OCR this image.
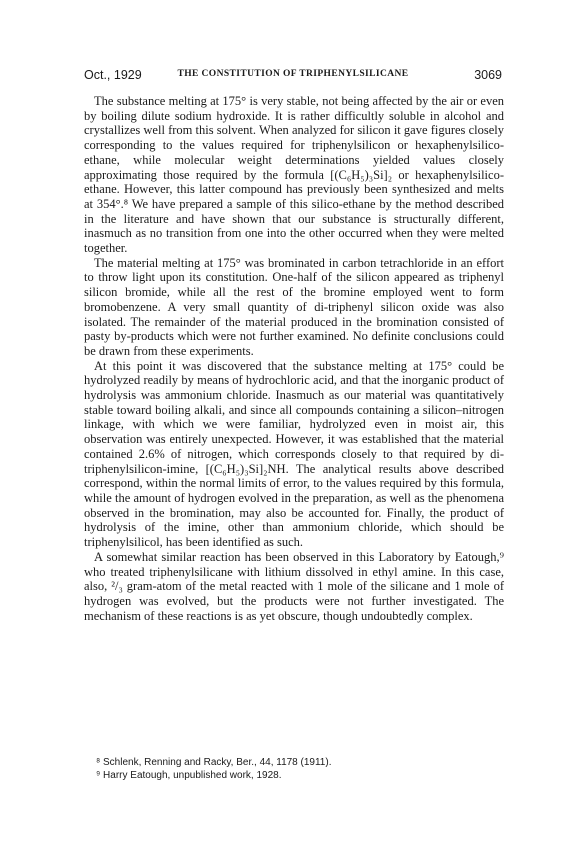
Oct., 1929	THE CONSTITUTION OF TRIPHENYLSILICANE	3069

The substance melting at 175° is very stable, not being affected by the air or even by boiling dilute sodium hydroxide. It is rather difficultly soluble in alcohol and crystallizes well from this solvent. When analyzed for silicon it gave figures closely corresponding to the values required for triphenylsilicon or hexaphenylsilico-ethane, while molecular weight determinations yielded values closely approximating those required by the formula [(C₆H₅)₃Si]₂ or hexaphenylsilico-ethane. However, this latter compound has previously been synthesized and melts at 354°.⁸ We have prepared a sample of this silico-ethane by the method described in the literature and have shown that our substance is structurally different, inasmuch as no transition from one into the other occurred when they were melted together.

The material melting at 175° was brominated in carbon tetrachloride in an effort to throw light upon its constitution. One-half of the silicon appeared as triphenyl silicon bromide, while all the rest of the bromine employed went to form bromobenzene. A very small quantity of di-triphenyl silicon oxide was also isolated. The remainder of the material produced in the bromination consisted of pasty by-products which were not further examined. No definite conclusions could be drawn from these experiments.

At this point it was discovered that the substance melting at 175° could be hydrolyzed readily by means of hydrochloric acid, and that the inorganic product of hydrolysis was ammonium chloride. Inasmuch as our material was quantitatively stable toward boiling alkali, and since all compounds containing a silicon–nitrogen linkage, with which we were familiar, hydrolyzed even in moist air, this observation was entirely unexpected. However, it was established that the material contained 2.6% of nitrogen, which corresponds closely to that required by di-triphenylsilicon-imine, [(C₆H₅)₃Si]₂NH. The analytical results above described correspond, within the normal limits of error, to the values required by this formula, while the amount of hydrogen evolved in the preparation, as well as the phenomena observed in the bromination, may also be accounted for. Finally, the product of hydrolysis of the imine, other than ammonium chloride, which should be triphenylsilicol, has been identified as such.

A somewhat similar reaction has been observed in this Laboratory by Eatough,⁹ who treated triphenylsilicane with lithium dissolved in ethyl amine. In this case, also, ²/₃ gram-atom of the metal reacted with 1 mole of the silicane and 1 mole of hydrogen was evolved, but the products were not further investigated. The mechanism of these reactions is as yet obscure, though undoubtedly complex.

⁸ Schlenk, Renning and Racky, Ber., 44, 1178 (1911).
⁹ Harry Eatough, unpublished work, 1928.
